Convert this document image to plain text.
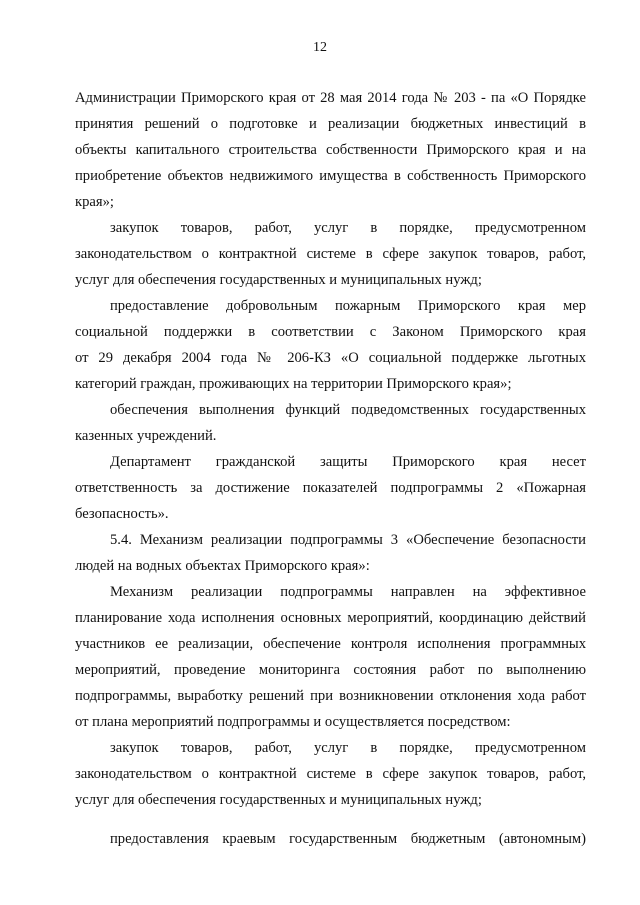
12
Администрации Приморского края от 28 мая 2014 года № 203 - па «О Порядке
принятия решений о подготовке и реализации бюджетных инвестиций в
объекты капитального строительства собственности Приморского края и на
приобретение объектов недвижимого имущества в собственность Приморского
края»;
закупок товаров, работ, услуг в порядке, предусмотренном
законодательством о контрактной системе в сфере закупок товаров, работ,
услуг для обеспечения государственных и муниципальных нужд;
предоставление добровольным пожарным Приморского края мер
социальной поддержки в соответствии с Законом Приморского края
от 29 декабря 2004 года № 206-КЗ «О социальной поддержке льготных
категорий граждан, проживающих на территории Приморского края»;
обеспечения выполнения функций подведомственных государственных
казенных учреждений.
Департамент гражданской защиты Приморского края несет
ответственность за достижение показателей подпрограммы 2 «Пожарная
безопасность».
5.4. Механизм реализации подпрограммы 3 «Обеспечение безопасности
людей на водных объектах Приморского края»:
Механизм реализации подпрограммы направлен на эффективное
планирование хода исполнения основных мероприятий, координацию действий
участников ее реализации, обеспечение контроля исполнения программных
мероприятий, проведение мониторинга состояния работ по выполнению
подпрограммы, выработку решений при возникновении отклонения хода работ
от плана мероприятий подпрограммы и осуществляется посредством:
закупок товаров, работ, услуг в порядке, предусмотренном
законодательством о контрактной системе в сфере закупок товаров, работ,
услуг для обеспечения государственных и муниципальных нужд;
предоставления краевым государственным бюджетным (автономным)
